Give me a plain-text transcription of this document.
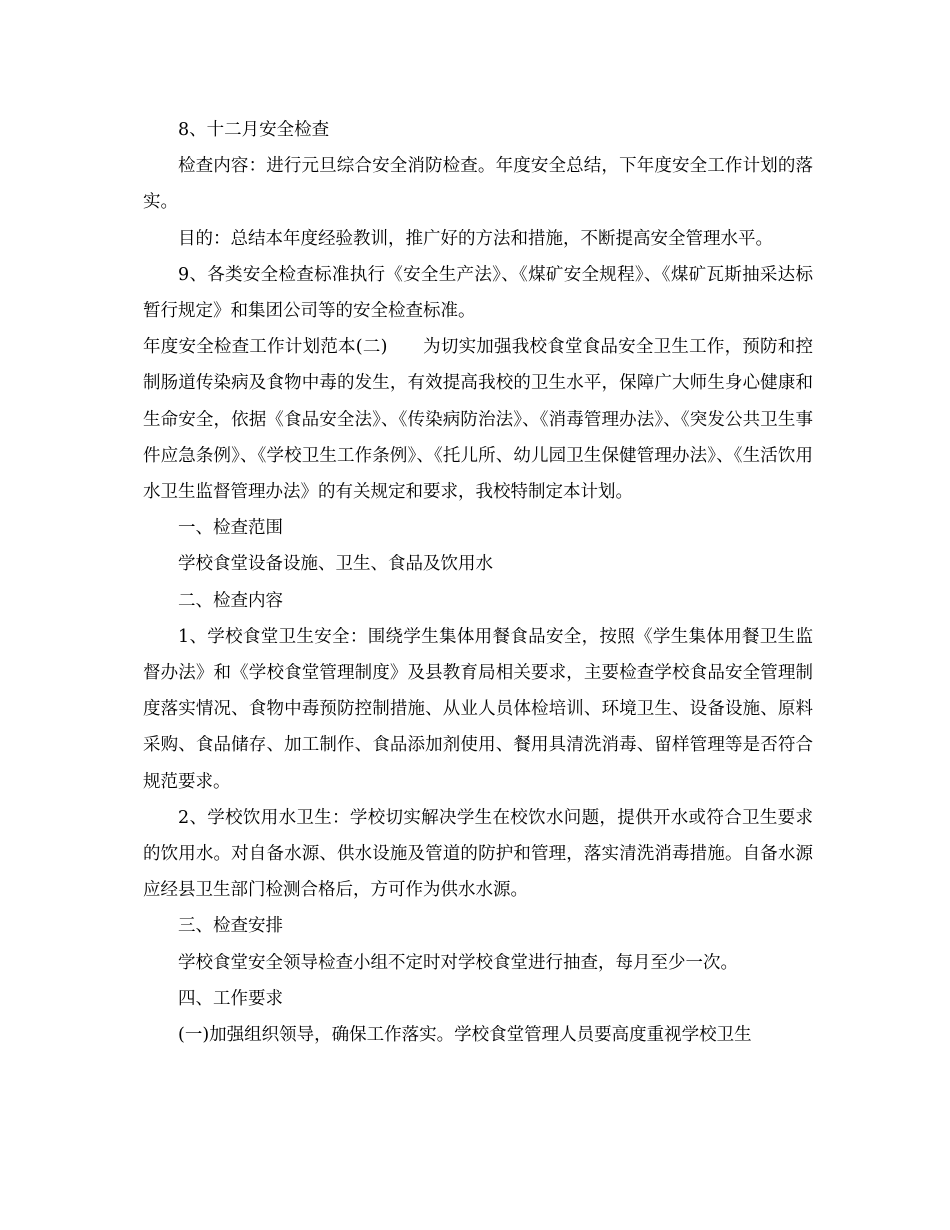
8、十二月安全检查

检查内容：进行元旦综合安全消防检查。年度安全总结，下年度安全工作计划的落实。

目的：总结本年度经验教训，推广好的方法和措施，不断提高安全管理水平。

9、各类安全检查标准执行《安全生产法》、《煤矿安全规程》、《煤矿瓦斯抽采达标暂行规定》和集团公司等的安全检查标准。

年度安全检查工作计划范本(二)　　为切实加强我校食堂食品安全卫生工作，预防和控制肠道传染病及食物中毒的发生，有效提高我校的卫生水平，保障广大师生身心健康和生命安全，依据《食品安全法》、《传染病防治法》、《消毒管理办法》、《突发公共卫生事件应急条例》、《学校卫生工作条例》、《托儿所、幼儿园卫生保健管理办法》、《生活饮用水卫生监督管理办法》的有关规定和要求，我校特制定本计划。

一、检查范围

学校食堂设备设施、卫生、食品及饮用水

二、检查内容

1、学校食堂卫生安全：围绕学生集体用餐食品安全，按照《学生集体用餐卫生监督办法》和《学校食堂管理制度》及县教育局相关要求，主要检查学校食品安全管理制度落实情况、食物中毒预防控制措施、从业人员体检培训、环境卫生、设备设施、原料采购、食品储存、加工制作、食品添加剂使用、餐用具清洗消毒、留样管理等是否符合规范要求。

2、学校饮用水卫生：学校切实解决学生在校饮水问题，提供开水或符合卫生要求的饮用水。对自备水源、供水设施及管道的防护和管理，落实清洗消毒措施。自备水源应经县卫生部门检测合格后，方可作为供水水源。

三、检查安排

学校食堂安全领导检查小组不定时对学校食堂进行抽查，每月至少一次。

四、工作要求

(一)加强组织领导，确保工作落实。学校食堂管理人员要高度重视学校卫生
